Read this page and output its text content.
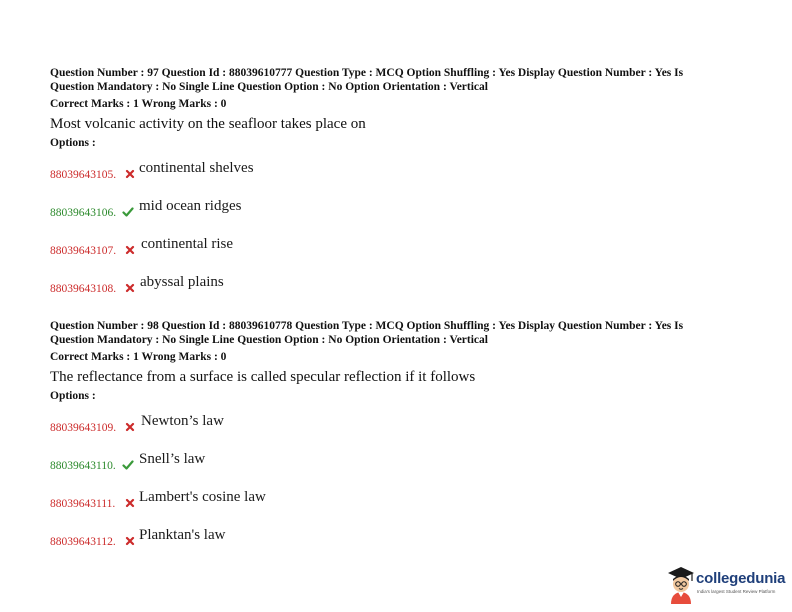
Question Number : 97 Question Id : 88039610777 Question Type : MCQ Option Shuffling : Yes Display Question Number : Yes Is
Question Mandatory : No Single Line Question Option : No Option Orientation : Vertical

Correct Marks : 1 Wrong Marks : 0

Most volcanic activity on the seafloor takes place on
Options :
88039643105. continental shelves
88039643106. mid ocean ridges
88039643107. continental rise
88039643108. abyssal plains

Question Number : 98 Question Id : 88039610778 Question Type : MCQ Option Shuffling : Yes Display Question Number : Yes Is
Question Mandatory : No Single Line Question Option : No Option Orientation : Vertical

Correct Marks : 1 Wrong Marks : 0

The reflectance from a surface is called specular reflection if it follows
Options :
88039643109. Newton’s law
88039643110. Snell’s law
88039643111. Lambert's cosine law
88039643112. Planktan's law
collegedunia
India's largest Student Review Platform
